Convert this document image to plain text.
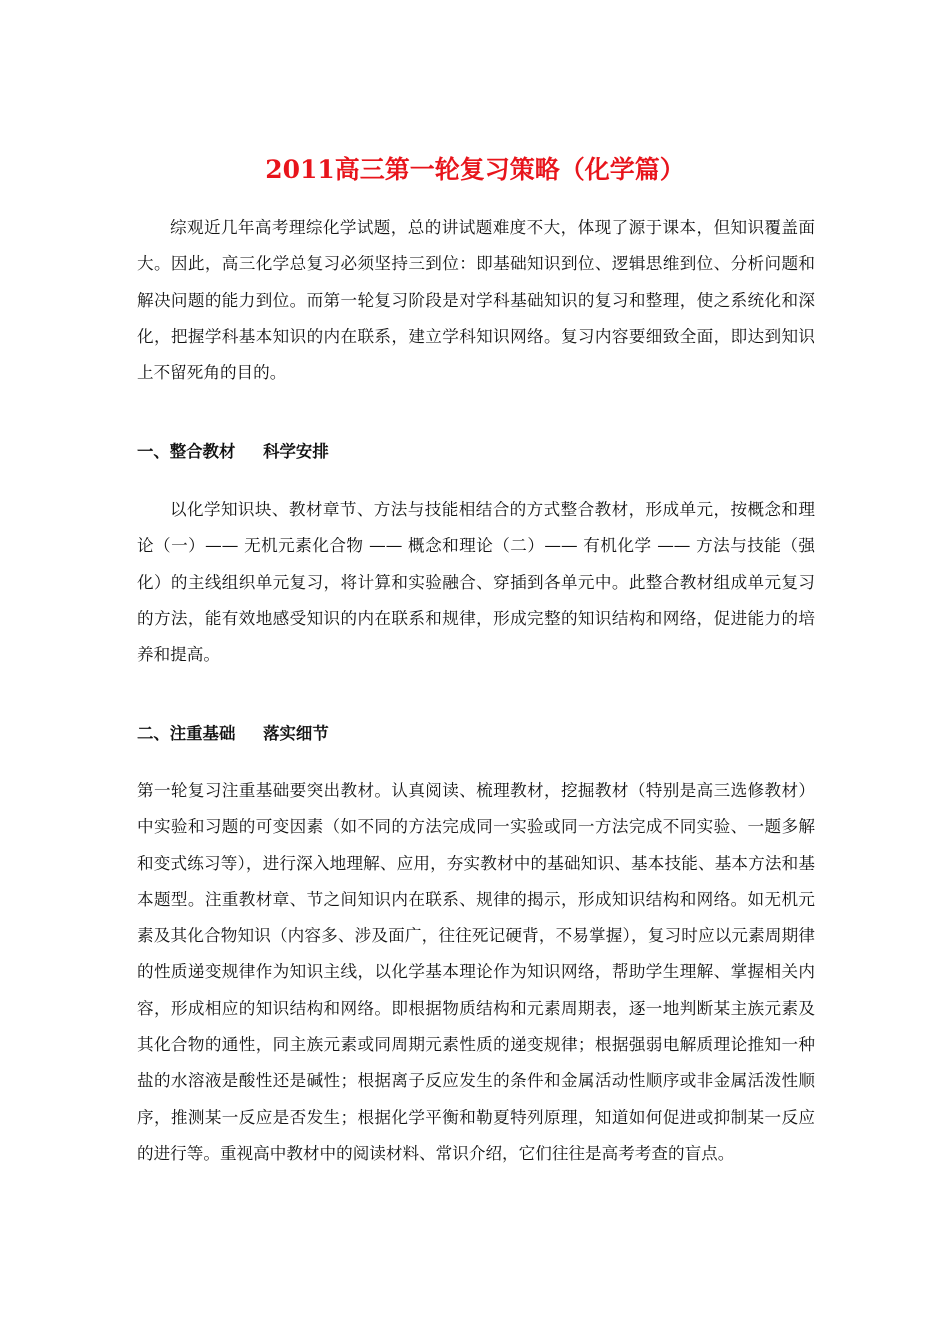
2011高三第一轮复习策略（化学篇）

综观近几年高考理综化学试题，总的讲试题难度不大，体现了源于课本，但知识覆盖面大。因此，高三化学总复习必须坚持三到位：即基础知识到位、逻辑思维到位、分析问题和解决问题的能力到位。而第一轮复习阶段是对学科基础知识的复习和整理，使之系统化和深化，把握学科基本知识的内在联系，建立学科知识网络。复习内容要细致全面，即达到知识上不留死角的目的。

一、整合教材　  科学安排

以化学知识块、教材章节、方法与技能相结合的方式整合教材，形成单元，按概念和理论（一）—— 无机元素化合物 —— 概念和理论（二）—— 有机化学 —— 方法与技能（强化）的主线组织单元复习，将计算和实验融合、穿插到各单元中。此整合教材组成单元复习的方法，能有效地感受知识的内在联系和规律，形成完整的知识结构和网络，促进能力的培养和提高。

二、注重基础　  落实细节

第一轮复习注重基础要突出教材。认真阅读、梳理教材，挖掘教材（特别是高三选修教材）中实验和习题的可变因素（如不同的方法完成同一实验或同一方法完成不同实验、一题多解和变式练习等），进行深入地理解、应用，夯实教材中的基础知识、基本技能、基本方法和基本题型。注重教材章、节之间知识内在联系、规律的揭示，形成知识结构和网络。如无机元素及其化合物知识（内容多、涉及面广，往往死记硬背，不易掌握），复习时应以元素周期律的性质递变规律作为知识主线，以化学基本理论作为知识网络，帮助学生理解、掌握相关内容，形成相应的知识结构和网络。即根据物质结构和元素周期表，逐一地判断某主族元素及其化合物的通性，同主族元素或同周期元素性质的递变规律；根据强弱电解质理论推知一种盐的水溶液是酸性还是碱性；根据离子反应发生的条件和金属活动性顺序或非金属活泼性顺序，推测某一反应是否发生；根据化学平衡和勒夏特列原理，知道如何促进或抑制某一反应的进行等。重视高中教材中的阅读材料、常识介绍，它们往往是高考考查的盲点。
